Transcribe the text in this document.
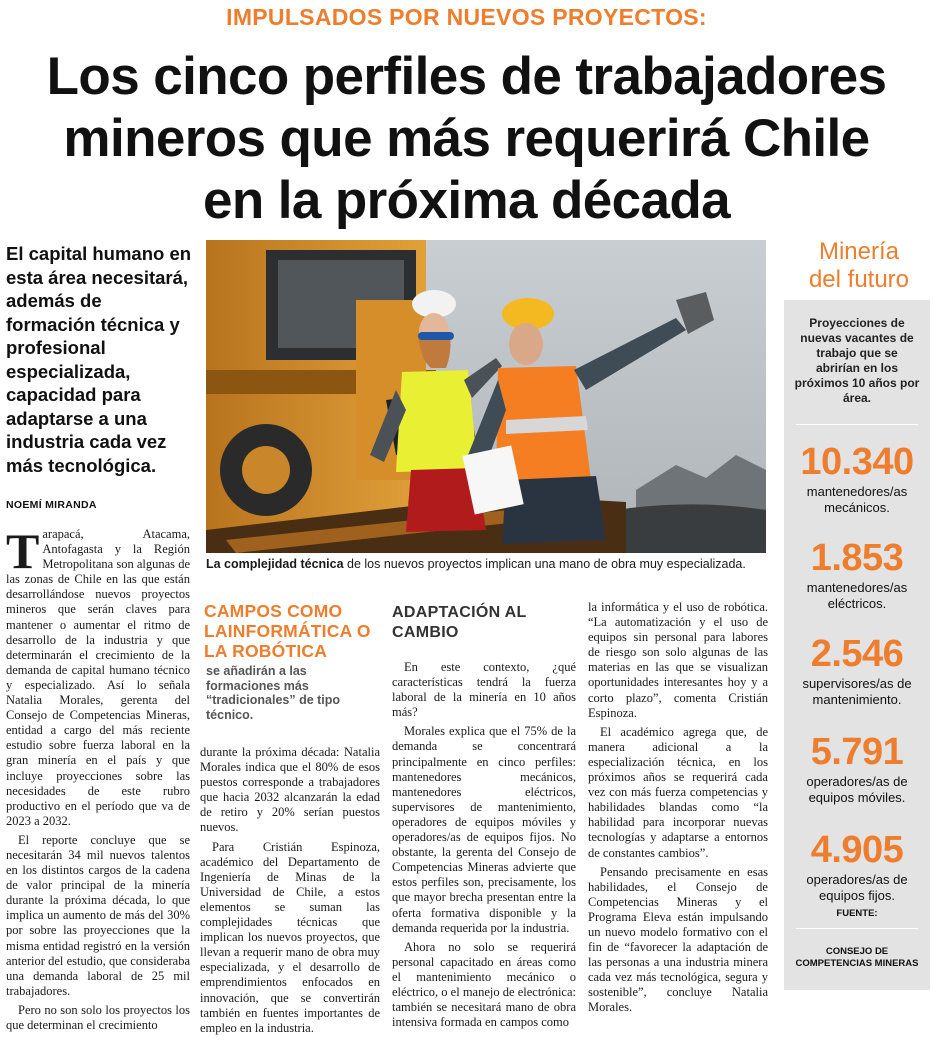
IMPULSADOS POR NUEVOS PROYECTOS:
Los cinco perfiles de trabajadores
mineros que más requerirá Chile
en la próxima década
El capital humano en esta área necesitará, además de formación técnica y profesional especializada, capacidad para adaptarse a una industria cada vez más tecnológica.
NOEMÍ MIRANDA
La complejidad técnica de los nuevos proyectos implican una mano de obra muy especializada.

Tarapacá, Atacama, Antofagasta y la Región Metropolitana son algunas de las zonas de Chile en las que están desarrollándose nuevos proyectos mineros que serán claves para mantener o aumentar el ritmo de desarrollo de la industria y que determinarán el crecimiento de la demanda de capital humano técnico y especializado. Así lo señala Natalia Morales, gerenta del Consejo de Competencias Mineras, entidad a cargo del más reciente estudio sobre fuerza laboral en la gran minería en el país y que incluye proyecciones sobre las necesidades de este rubro productivo en el período que va de 2023 a 2032.

El reporte concluye que se necesitarán 34 mil nuevos talentos en los distintos cargos de la cadena de valor principal de la minería durante la próxima década, lo que implica un aumento de más del 30% por sobre las proyecciones que la misma entidad registró en la versión anterior del estudio, que consideraba una demanda laboral de 25 mil trabajadores.

Pero no son solo los proyectos los que determinan el crecimiento

CAMPOS COMO LAINFORMÁTICA O LA ROBÓTICA
se añadirán a las formaciones más “tradicionales” de tipo técnico.

durante la próxima década: Natalia Morales indica que el 80% de esos puestos corresponde a trabajadores que hacia 2032 alcanzarán la edad de retiro y 20% serían puestos nuevos.

Para Cristián Espinoza, académico del Departamento de Ingeniería de Minas de la Universidad de Chile, a estos elementos se suman las complejidades técnicas que implican los nuevos proyectos, que llevan a requerir mano de obra muy especializada, y el desarrollo de emprendimientos enfocados en innovación, que se convertirán también en fuentes importantes de empleo en la industria.

ADAPTACIÓN AL CAMBIO

En este contexto, ¿qué características tendrá la fuerza laboral de la minería en 10 años más?

Morales explica que el 75% de la demanda se concentrará principalmente en cinco perfiles: mantenedores mecánicos, mantenedores eléctricos, supervisores de mantenimiento, operadores de equipos móviles y operadores/as de equipos fijos. No obstante, la gerenta del Consejo de Competencias Mineras advierte que estos perfiles son, precisamente, los que mayor brecha presentan entre la oferta formativa disponible y la demanda requerida por la industria.

Ahora no solo se requerirá personal capacitado en áreas como el mantenimiento mecánico o eléctrico, o el manejo de electrónica: también se necesitará mano de obra intensiva formada en campos como

la informática y el uso de robótica. “La automatización y el uso de equipos sin personal para labores de riesgo son solo algunas de las materias en las que se visualizan oportunidades interesantes hoy y a corto plazo”, comenta Cristián Espinoza.

El académico agrega que, de manera adicional a la especialización técnica, en los próximos años se requerirá cada vez con más fuerza competencias y habilidades blandas como “la habilidad para incorporar nuevas tecnologías y adaptarse a entornos de constantes cambios”.

Pensando precisamente en esas habilidades, el Consejo de Competencias Mineras y el Programa Eleva están impulsando un nuevo modelo formativo con el fin de “favorecer la adaptación de las personas a una industria minera cada vez más tecnológica, segura y sostenible”, concluye Natalia Morales.

Minería
del futuro
Proyecciones de nuevas vacantes de trabajo que se abrirían en los próximos 10 años por área.
10.340
mantenedores/as mecánicos.
1.853
mantenedores/as eléctricos.
2.546
supervisores/as de mantenimiento.
5.791
operadores/as de equipos móviles.
4.905
operadores/as de equipos fijos.
FUENTE:
CONSEJO DE COMPETENCIAS MINERAS
